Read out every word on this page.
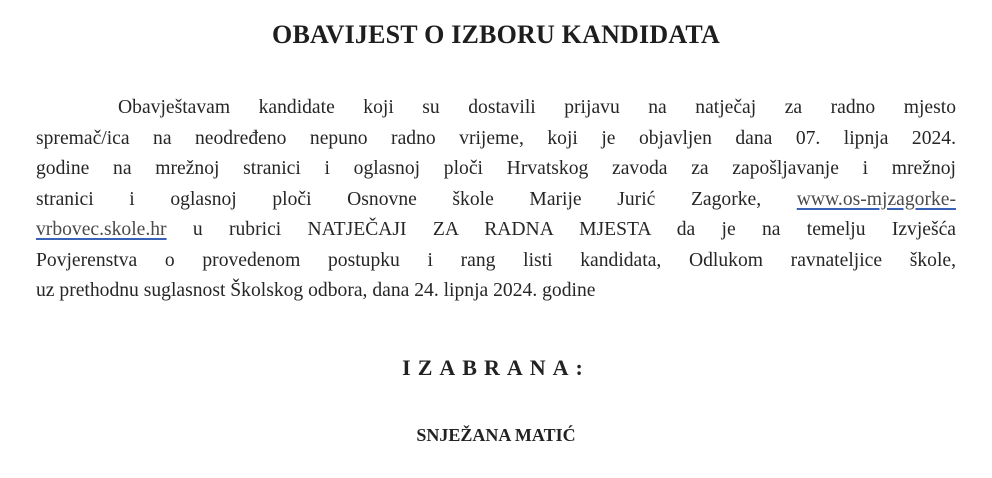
OBAVIJEST O IZBORU KANDIDATA
Obavještavam kandidate koji su dostavili prijavu na natječaj za radno mjesto
spremač/ica na neodređeno nepuno radno vrijeme, koji je objavljen dana 07. lipnja 2024.
godine na mrežnoj stranici i oglasnoj ploči Hrvatskog zavoda za zapošljavanje i mrežnoj
stranici i oglasnoj ploči Osnovne škole Marije Jurić Zagorke, www.os-mjzagorke-
vrbovec.skole.hr u rubrici NATJEČAJI ZA RADNA MJESTA da je na temelju Izvješća
Povjerenstva o provedenom postupku i rang listi kandidata, Odlukom ravnateljice škole,
uz prethodnu suglasnost Školskog odbora, dana 24. lipnja 2024. godine
IZABRANA:
SNJEŽANA MATIĆ
